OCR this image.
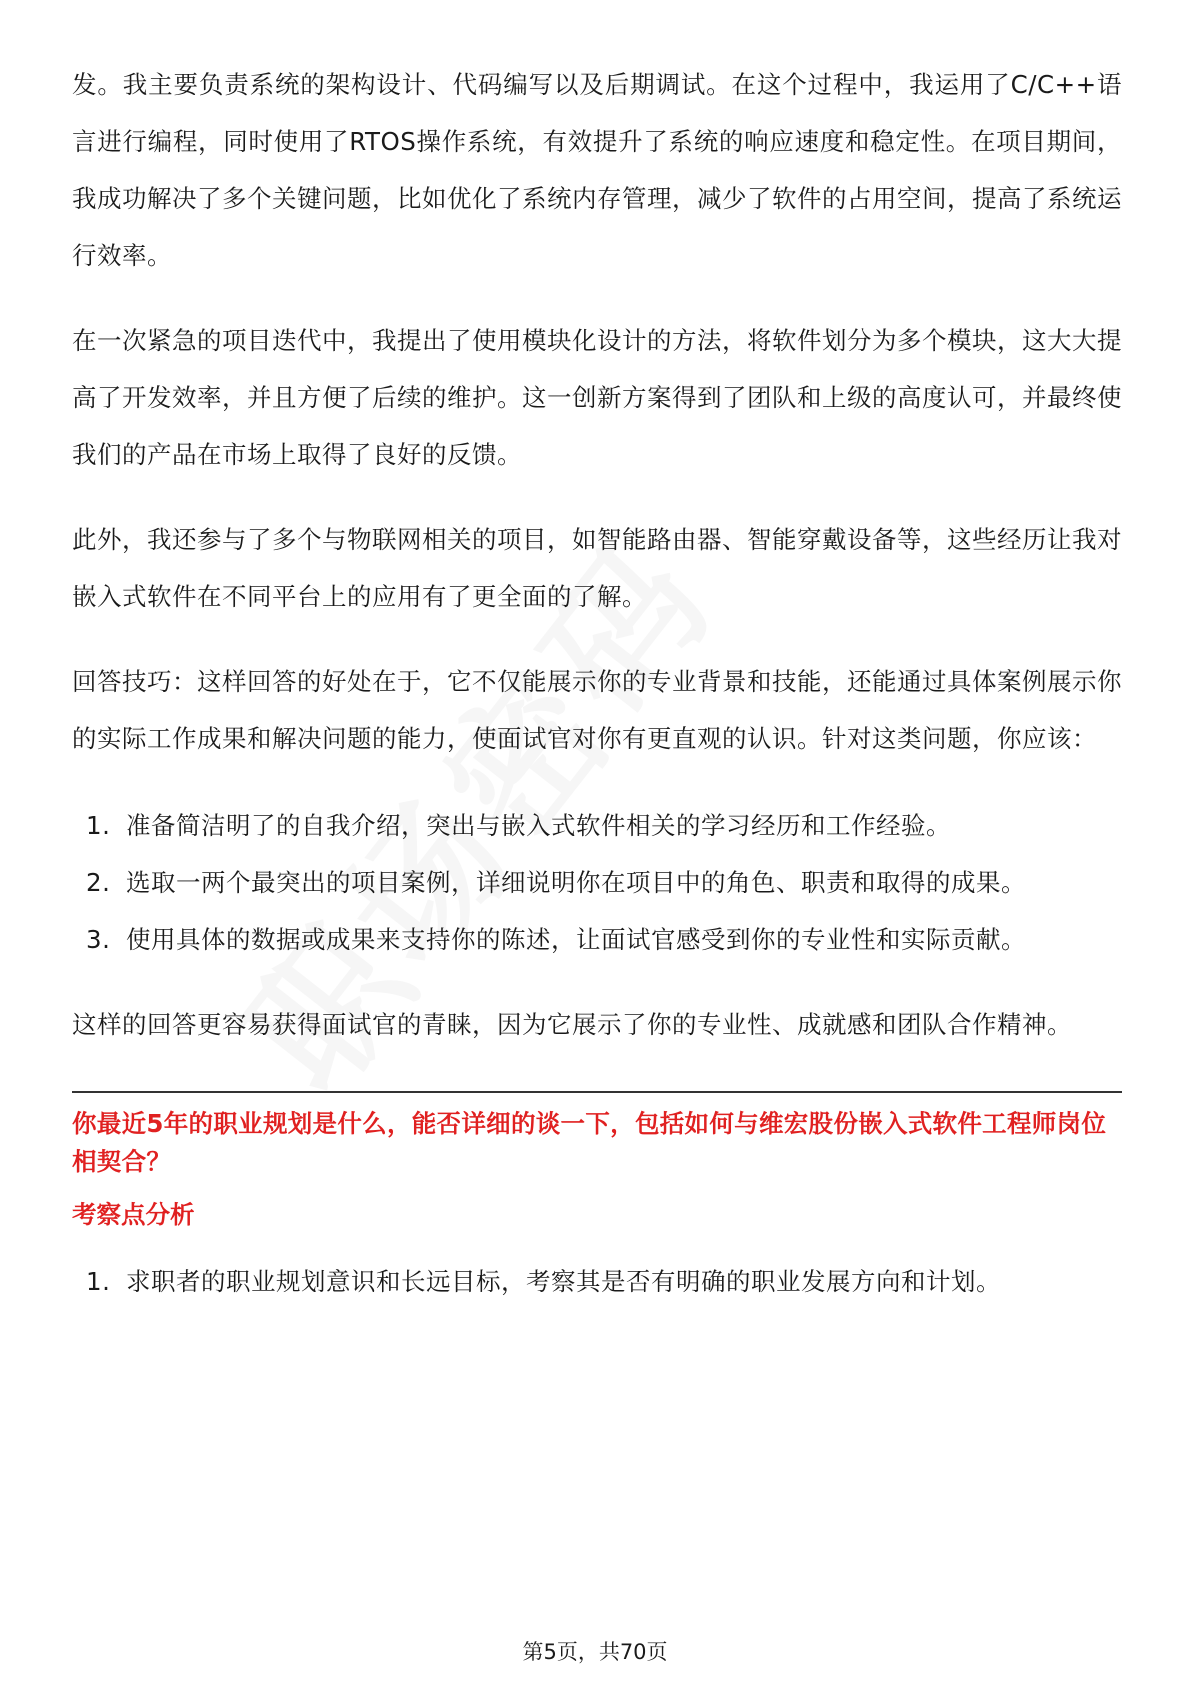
发。我主要负责系统的架构设计、代码编写以及后期调试。在这个过程中，我运用了C/C++语言进行编程，同时使用了RTOS操作系统，有效提升了系统的响应速度和稳定性。在项目期间，我成功解决了多个关键问题，比如优化了系统内存管理，减少了软件的占用空间，提高了系统运行效率。

在一次紧急的项目迭代中，我提出了使用模块化设计的方法，将软件划分为多个模块，这大大提高了开发效率，并且方便了后续的维护。这一创新方案得到了团队和上级的高度认可，并最终使我们的产品在市场上取得了良好的反馈。

此外，我还参与了多个与物联网相关的项目，如智能路由器、智能穿戴设备等，这些经历让我对嵌入式软件在不同平台上的应用有了更全面的了解。

回答技巧：这样回答的好处在于，它不仅能展示你的专业背景和技能，还能通过具体案例展示你的实际工作成果和解决问题的能力，使面试官对你有更直观的认识。针对这类问题，你应该：

1. 准备简洁明了的自我介绍，突出与嵌入式软件相关的学习经历和工作经验。
2. 选取一两个最突出的项目案例，详细说明你在项目中的角色、职责和取得的成果。
3. 使用具体的数据或成果来支持你的陈述，让面试官感受到你的专业性和实际贡献。

这样的回答更容易获得面试官的青睐，因为它展示了你的专业性、成就感和团队合作精神。

你最近5年的职业规划是什么，能否详细的谈一下，包括如何与维宏股份嵌入式软件工程师岗位相契合？

考察点分析
1. 求职者的职业规划意识和长远目标，考察其是否有明确的职业发展方向和计划。
第5页，共70页
